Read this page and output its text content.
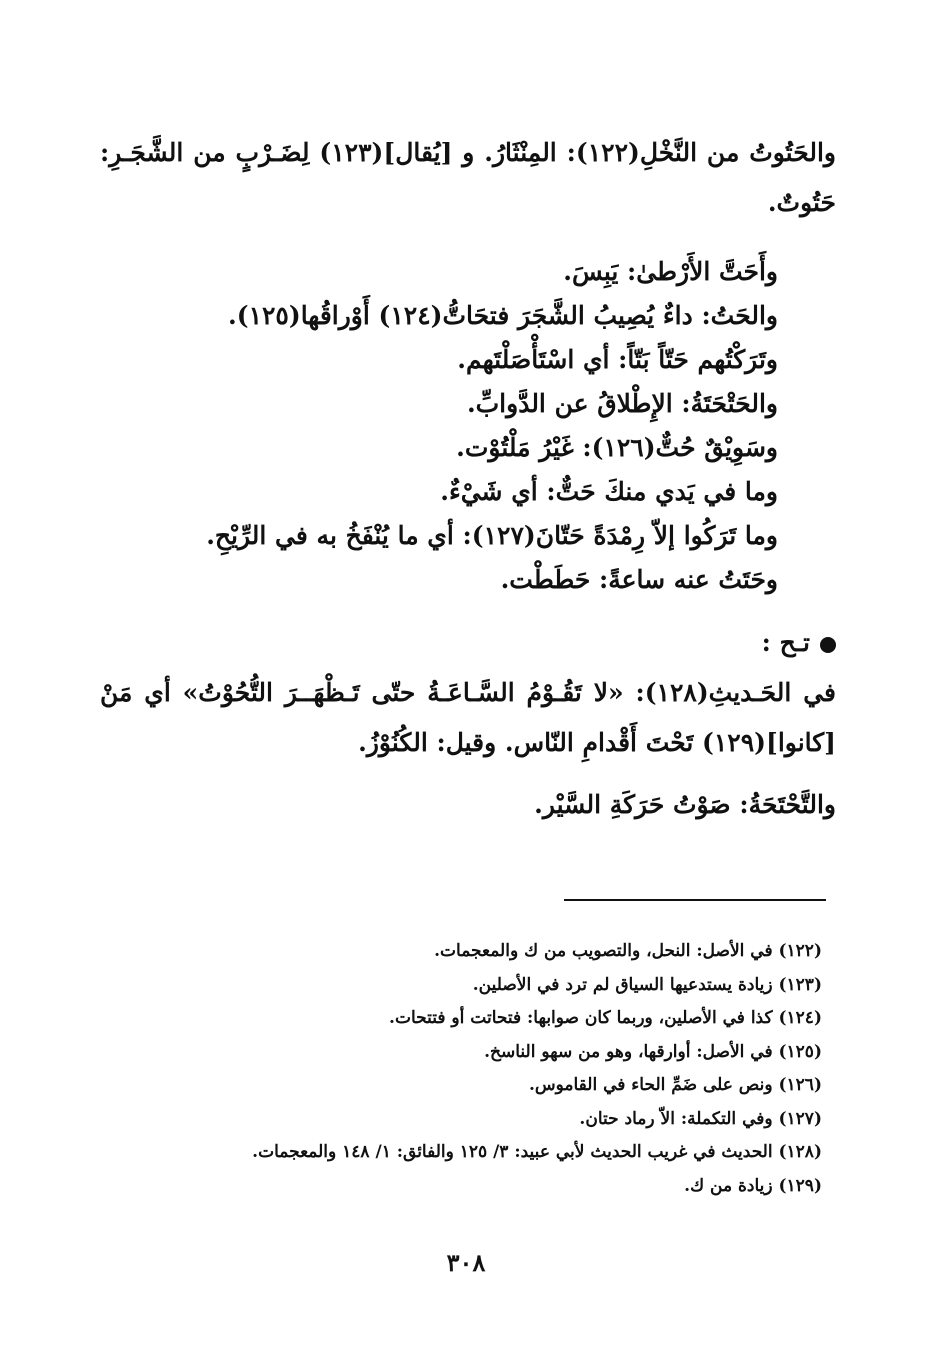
والحَتُوتُ من النَّخْلِ(١٢٢): المِنْثَارُ. و [يُقال](١٢٣) لِضَـرْبٍ من الشَّجَـرِ: حَتُوتٌ.

وأَحَتَّ الأَرْطىٰ: يَبِسَ.
والحَتُ: داءٌ يُصِيبُ الشَّجَرَ فتحَاتُّ(١٢٤) أَوْراقُها(١٢٥).
وتَرَكْتُهم حَتّاً بَتّاً: أي اسْتَأْصَلْتَهم.
والحَتْحَتَةُ: الإِطْلاقُ عن الدَّوابِّ.
وسَوِيْقٌ حُتٌّ(١٢٦): غَيْرُ مَلْتُوْت.
وما في يَدي منكَ حَتٌّ: أي شَيْءٌ.
وما تَرَكُوا إلاّ رِمْدَةً حَتّانَ(١٢٧): أي ما يُنْفَخُ به في الرِّيْحِ.
وحَتَتُ عنه ساعةً: حَطَطْت.
تـح :

في الحَـديثِ(١٢٨): «لا تَقُـوْمُ السَّـاعَـةُ حتّى تَـظْهَــرَ التُّحُوْتُ» أي مَنْ [كانوا](١٢٩) تَحْتَ أَقْدامِ النّاس. وقيل: الكُنُوْزُ.

والتَّحْتَحَةُ: صَوْتُ حَرَكَةِ السَّيْر.
(١٢٢) في الأصل: النحل، والتصويب من ك والمعجمات.
(١٢٣) زيادة يستدعيها السياق لم ترد في الأصلين.
(١٢٤) كذا في الأصلين، وربما كان صوابها: فتحاتت أو فتتحات.
(١٢٥) في الأصل: أوارقها، وهو من سهو الناسخ.
(١٢٦) ونص على ضَمِّ الحاء في القاموس.
(١٢٧) وفي التكملة: الاّ رماد حتان.
(١٢٨) الحديث في غريب الحديث لأبي عبيد: ٣/ ١٢٥ والفائق: ١/ ١٤٨ والمعجمات.
(١٢٩) زيادة من ك.
٣٠٨
